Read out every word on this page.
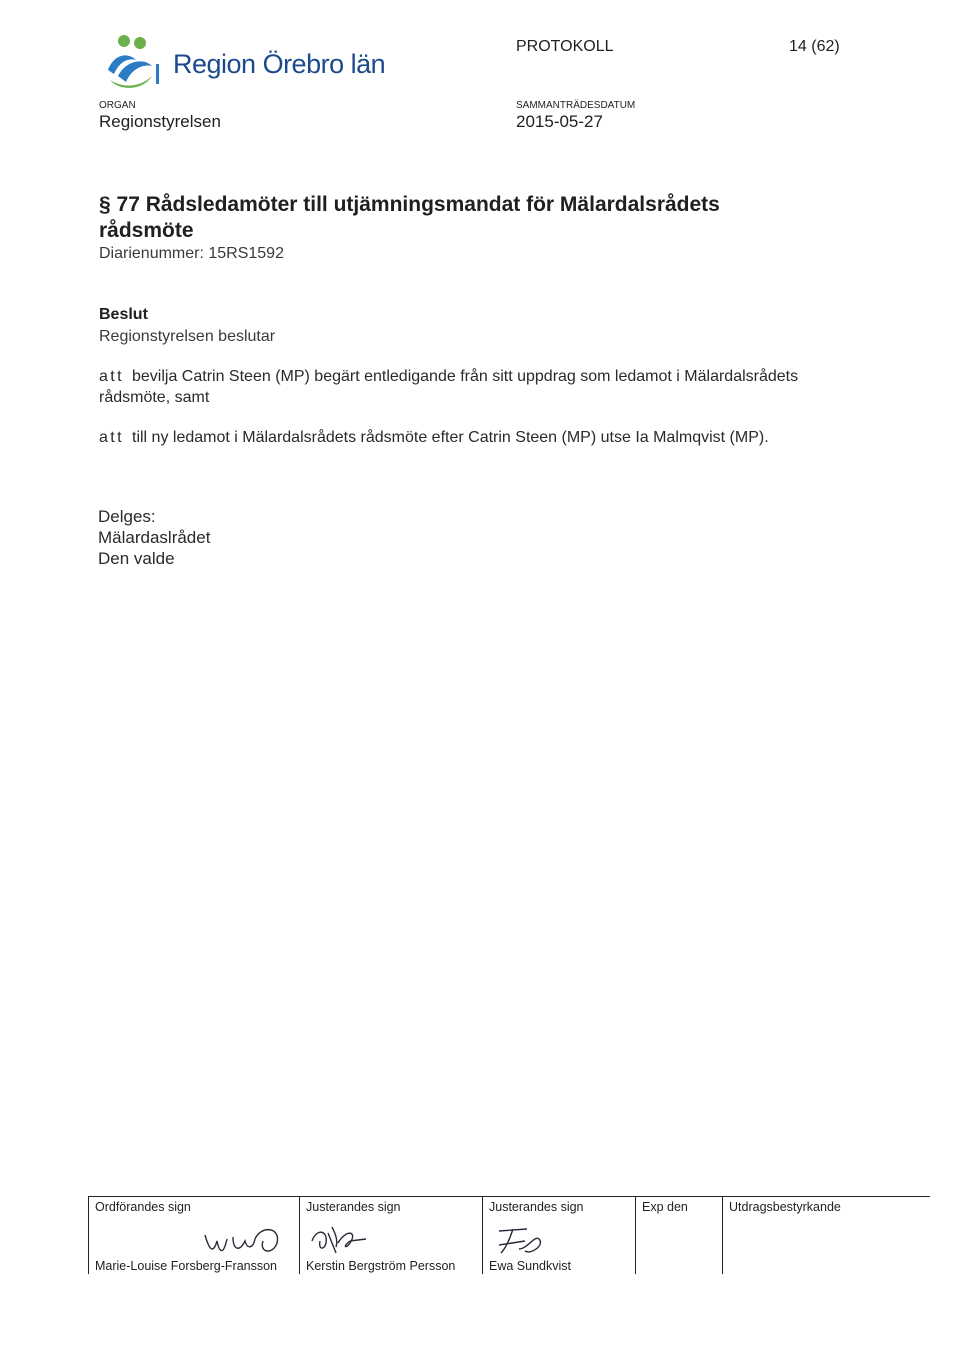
Region Örebro län
PROTOKOLL	14 (62)
ORGAN
Regionstyrelsen
SAMMANTRÄDESDATUM
2015-05-27
§ 77 Rådsledamöter till utjämningsmandat för Mälardalsrådets rådsmöte
Diarienummer: 15RS1592
Beslut
Regionstyrelsen beslutar
att bevilja Catrin Steen (MP) begärt entledigande från sitt uppdrag som ledamot i Mälardalsrådets rådsmöte, samt
att till ny ledamot i Mälardalsrådets rådsmöte efter Catrin Steen (MP) utse Ia Malmqvist (MP).
Delges:
Mälardaslrådet
Den valde
Ordförandes sign
Marie-Louise Forsberg-Fransson
Justerandes sign
Kerstin Bergström Persson
Justerandes sign
Ewa Sundkvist
Exp den	Utdragsbestyrkande
